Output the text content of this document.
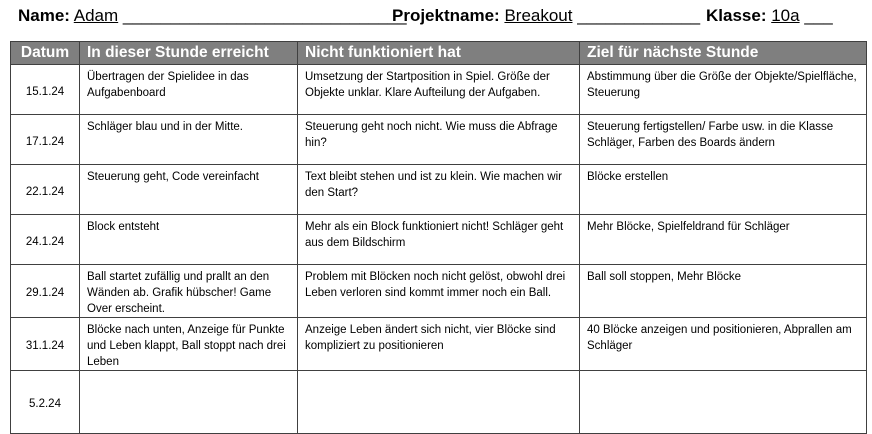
Name: Adam ______________________________
Projektname: Breakout _____________ Klasse: 10a ___
Datum	In dieser Stunde erreicht	Nicht funktioniert hat	Ziel für nächste Stunde
15.1.24	Übertragen der Spielidee in das Aufgabenboard	Umsetzung der Startposition in Spiel. Größe der Objekte unklar. Klare Aufteilung der Aufgaben.	Abstimmung über die Größe der Objekte/Spielfläche, Steuerung
17.1.24	Schläger blau und in der Mitte.	Steuerung geht noch nicht. Wie muss die Abfrage hin?	Steuerung fertigstellen/ Farbe usw. in die Klasse Schläger, Farben des Boards ändern
22.1.24	Steuerung geht, Code vereinfacht	Text bleibt stehen und ist zu klein. Wie machen wir den Start?	Blöcke erstellen
24.1.24	Block entsteht	Mehr als ein Block funktioniert nicht! Schläger geht aus dem Bildschirm	Mehr Blöcke, Spielfeldrand für Schläger
29.1.24	Ball startet zufällig und prallt an den Wänden ab. Grafik hübscher! Game Over erscheint.	Problem mit Blöcken noch nicht gelöst, obwohl drei Leben verloren sind kommt immer noch ein Ball.	Ball soll stoppen, Mehr Blöcke
31.1.24	Blöcke nach unten, Anzeige für Punkte und Leben klappt, Ball stoppt nach drei Leben	Anzeige Leben ändert sich nicht, vier Blöcke sind kompliziert zu positionieren	40 Blöcke anzeigen und positionieren, Abprallen am Schläger
5.2.24			
